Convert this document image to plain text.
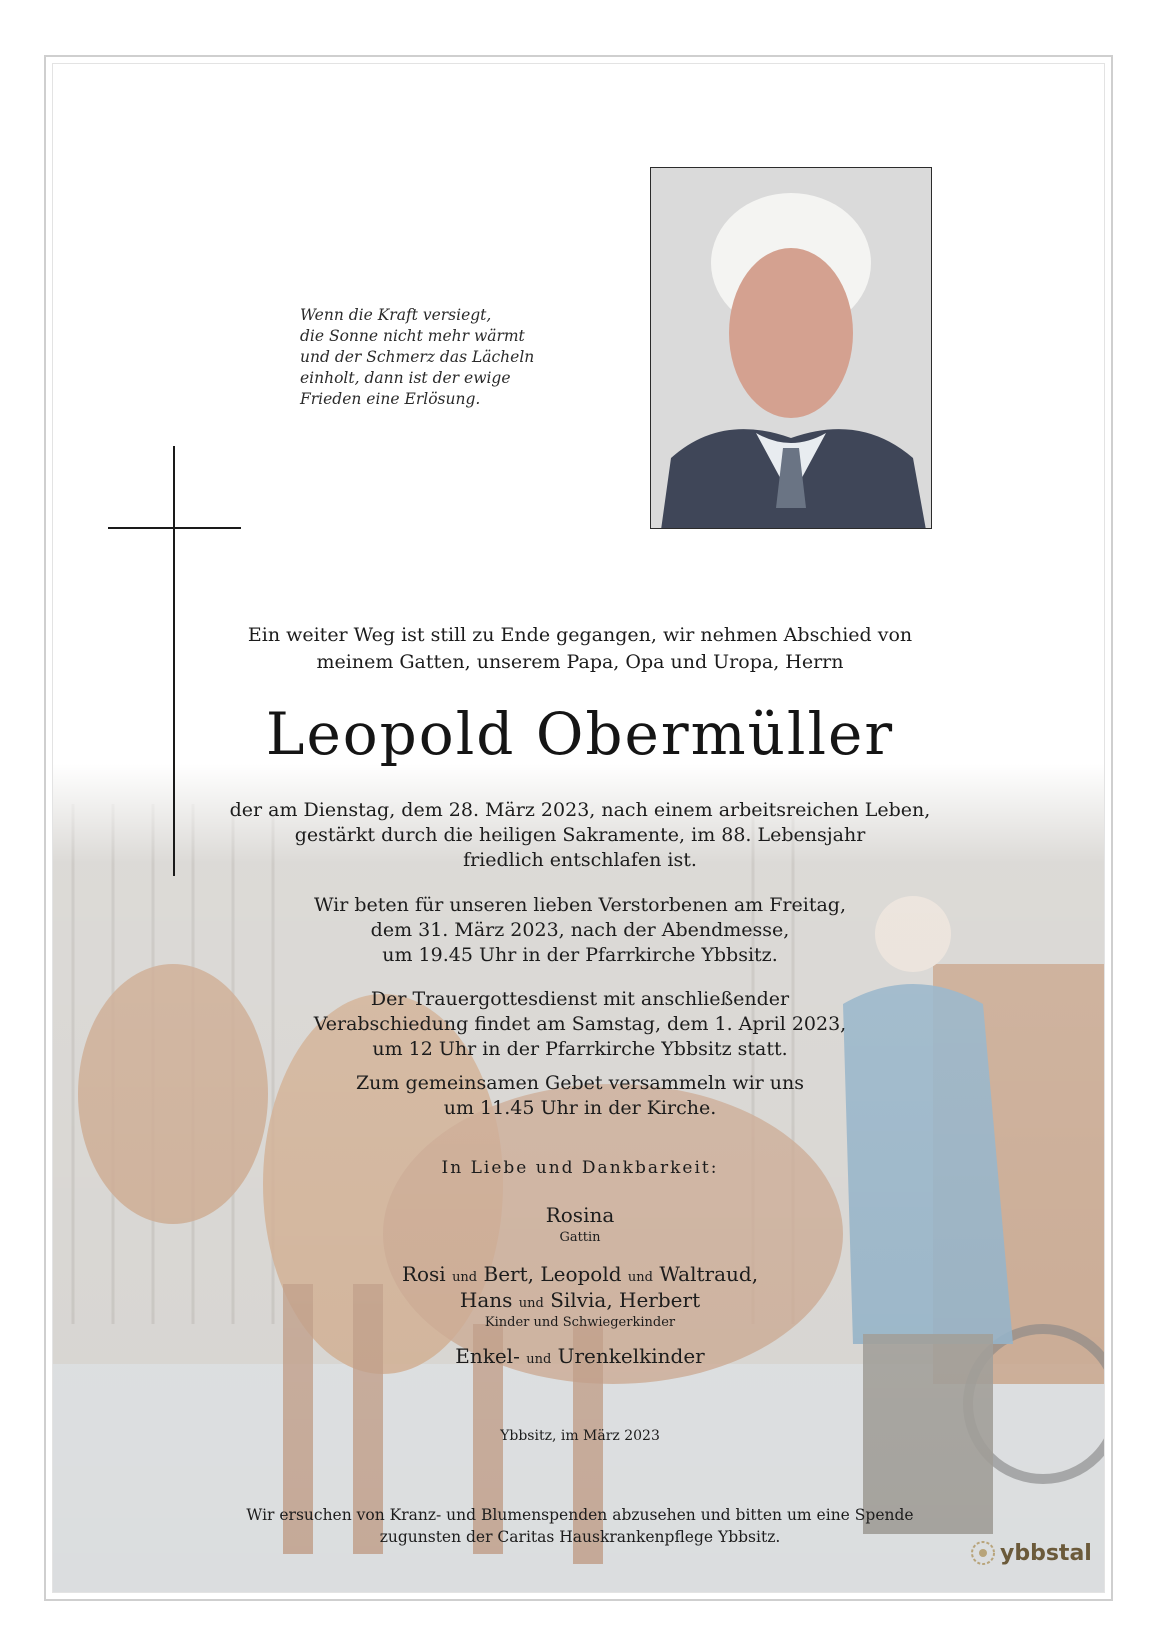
Wenn die Kraft versiegt,
die Sonne nicht mehr wärmt
und der Schmerz das Lächeln
einholt, dann ist der ewige
Frieden eine Erlösung.
Ein weiter Weg ist still zu Ende gegangen, wir nehmen Abschied von
meinem Gatten, unserem Papa, Opa und Uropa, Herrn
Leopold Obermüller
der am Dienstag, dem 28. März 2023, nach einem arbeitsreichen Leben,
gestärkt durch die heiligen Sakramente, im 88. Lebensjahr
friedlich entschlafen ist.
Wir beten für unseren lieben Verstorbenen am Freitag,
dem 31. März 2023, nach der Abendmesse,
um 19.45 Uhr in der Pfarrkirche Ybbsitz.
Der Trauergottesdienst mit anschließender
Verabschiedung findet am Samstag, dem 1. April 2023,
um 12 Uhr in der Pfarrkirche Ybbsitz statt.
Zum gemeinsamen Gebet versammeln wir uns
um 11.45 Uhr in der Kirche.
In Liebe und Dankbarkeit:
Rosina
Gattin
Rosi und Bert, Leopold und Waltraud,
Hans und Silvia, Herbert
Kinder und Schwiegerkinder
Enkel- und Urenkelkinder
Ybbsitz, im März 2023
Wir ersuchen von Kranz- und Blumenspenden abzusehen und bitten um eine Spende
zugunsten der Caritas Hauskrankenpflege Ybbsitz.
ybbstal
